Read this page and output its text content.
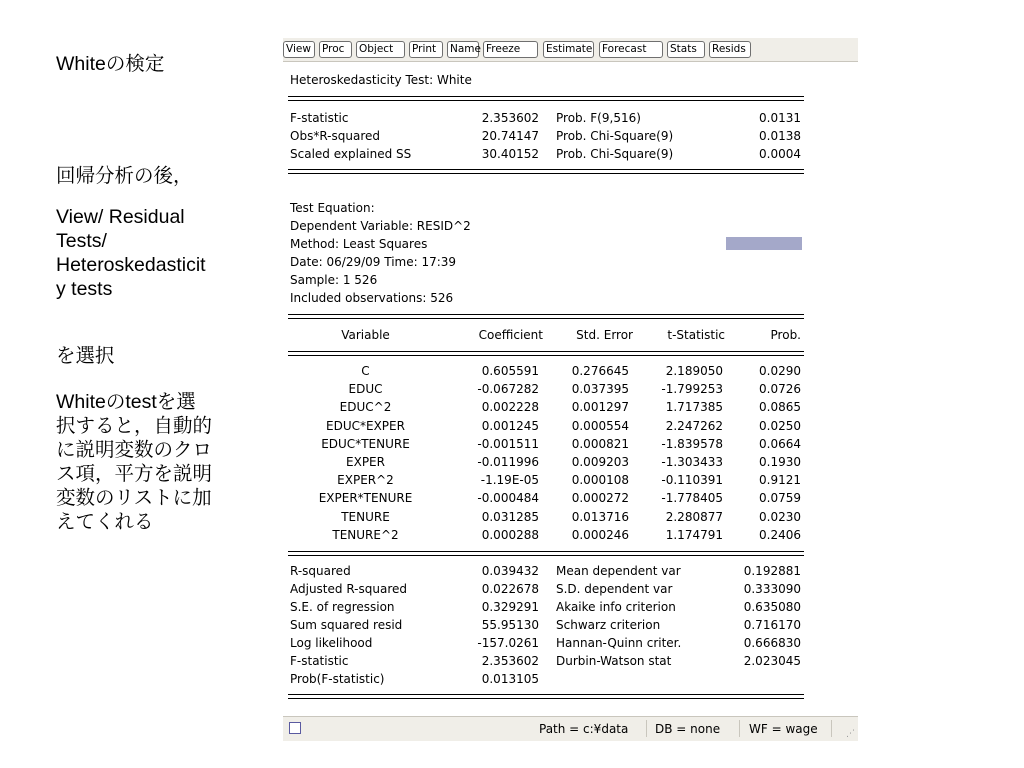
Whiteの検定
回帰分析の後，
View/ Residual
Tests/
Heteroskedasticit
y tests
を選択
Whiteのtestを選
択すると，自動的
に説明変数のクロ
ス項，平方を説明
変数のリストに加
えてくれる
View	Proc	Object	Print	Name Freeze	Estimate Forecast	Stats	Resids
Heteroskedasticity Test: White
F-statistic	2.353602 Prob. F(9,516)	0.0131
Obs*R-squared	20.74147 Prob. Chi-Square(9)	0.0138
Scaled explained SS	30.40152 Prob. Chi-Square(9)	0.0004
Test Equation:
Dependent Variable: RESID^2
Method: Least Squares
Date: 06/29/09 Time: 17:39
Sample: 1 526
Included observations: 526
Variable	Coefficient	Std. Error	t-Statistic	Prob.
C	0.605591	0.276645	2.189050	0.0290
EDUC	-0.067282	0.037395	-1.799253	0.0726
EDUC^2	0.002228	0.001297	1.717385	0.0865
EDUC*EXPER	0.001245	0.000554	2.247262	0.0250
EDUC*TENURE	-0.001511	0.000821	-1.839578	0.0664
EXPER	-0.011996	0.009203	-1.303433	0.1930
EXPER^2	-1.19E-05	0.000108	-0.110391	0.9121
EXPER*TENURE	-0.000484	0.000272	-1.778405	0.0759
TENURE	0.031285	0.013716	2.280877	0.0230
TENURE^2	0.000288	0.000246	1.174791	0.2406
R-squared	0.039432 Mean dependent var	0.192881
Adjusted R-squared	0.022678 S.D. dependent var	0.333090
S.E. of regression	0.329291 Akaike info criterion	0.635080
Sum squared resid	55.95130 Schwarz criterion	0.716170
Log likelihood	-157.0261 Hannan-Quinn criter.	0.666830
F-statistic	2.353602 Durbin-Watson stat	2.023045
Prob(F-statistic)	0.013105
Path = c:¥data DB = none WF = wage	⋰
